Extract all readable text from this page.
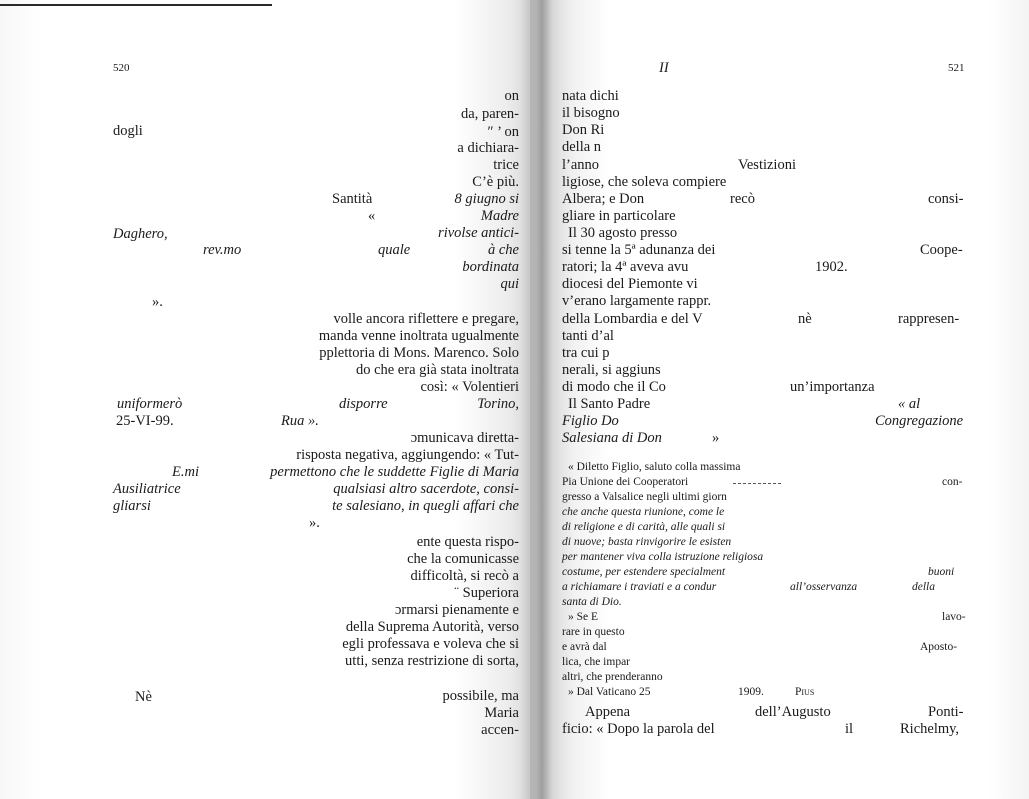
520
on
da, paren-
dogli	″ ’ on
a dichiara-
trice
C’è più.
Santità	8 giugno si
«	Madre
Daghero,	rivolse antici-
rev.mo	quale	à che
bordinata
qui
».
volle ancora riflettere e pregare,
manda venne inoltrata ugualmente
pplettoria di Mons. Marenco. Solo
do che era già stata inoltrata
così: « Volentieri
uniformerò	disporre	Torino,
25-VI-99.	Rua ».
ɔmunicava diretta-
risposta negativa, aggiungendo: « Tut-
E.mi	permettono che le suddette Figlie di Maria
Ausiliatrice	qualsiasi altro sacerdote, consi-
gliarsi	te salesiano, in quegli affari che
».
ente questa rispo-
che la comunicasse
difficoltà, si recò a
¨ Superiora
ɔrmarsi pienamente e
della Suprema Autorità, verso
egli professava e voleva che si
utti, senza restrizione di sorta,
Nè	possibile, ma
Maria
accen-
II	521
nata dichi
il bisogno
Don Ri
della n
l’anno	Vestizioni
ligiose, che soleva compiere
Albera; e Don	recò	consi-
gliare in particolare
Il 30 agosto presso
si tenne la 5ª adunanza dei	Coope-
ratori; la 4ª aveva avu	1902.
diocesi del Piemonte vi
v’erano largamente rappr.
della Lombardia e del V	nè	rappresen-
tanti d’al
tra cui p
nerali, si aggiuns
di modo che il Co	un’importanza
Il Santo Padre	« al
Figlio Do	Congregazione
Salesiana di Don	»
« Diletto Figlio, saluto colla massima
Pia Unione dei Cooperatori	con-
gresso a Valsalice negli ultimi giorn
che anche questa riunione, come le
di religione e di carità, alle quali si
di nuove; basta rinvigorire le esisten
per mantener viva colla istruzione religiosa
costume, per estendere specialment	buoni
a richiamare i traviati e a condur	all’osservanza	della
santa di Dio.
» Se E	lavo-
rare in questo
e avrà dal	Aposto-
lica, che impar
altri, che prenderanno
» Dal Vaticano 25	1909.	Pius
Appena	dell’Augusto	Ponti-
ficio: « Dopo la parola del	il	Richelmy,
